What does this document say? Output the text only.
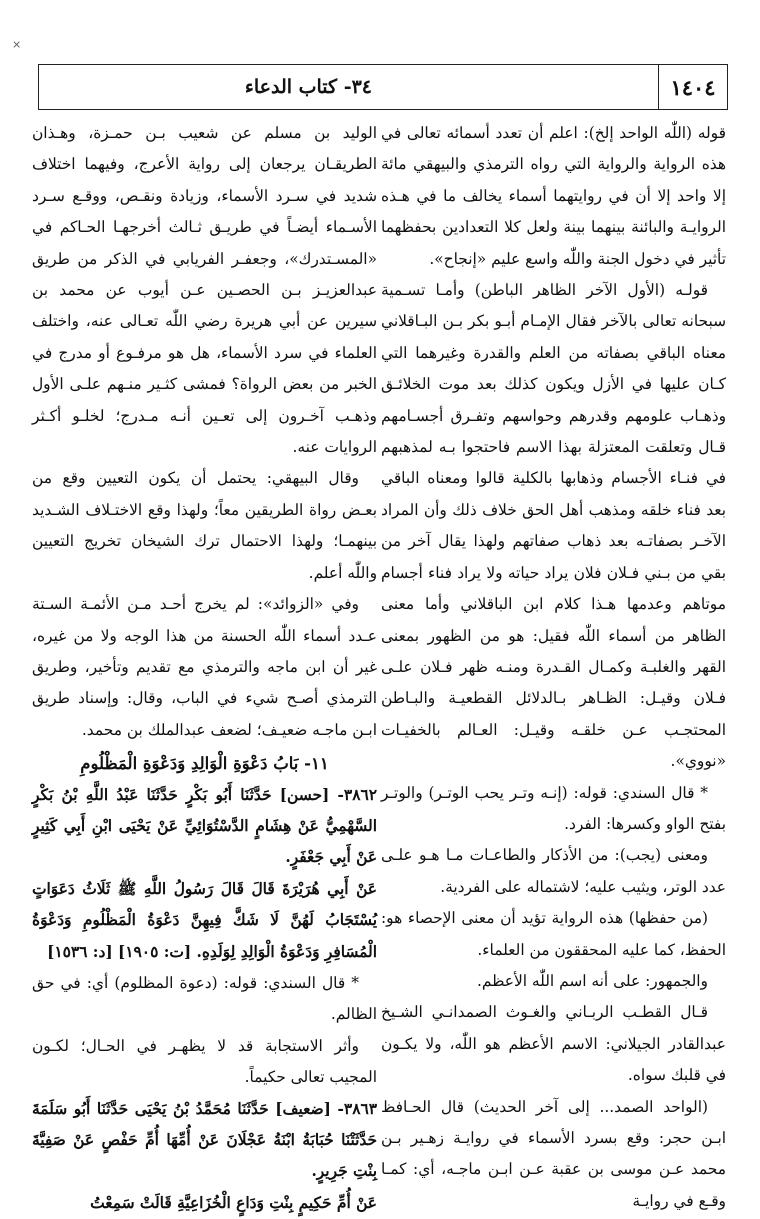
×
١٤٠٤
٣٤- كتاب الدعاء

قوله (اللّٰه الواحد إلخ): اعلم أن تعدد أسمائه تعالى في هذه الرواية والرواية التي رواه الترمذي والبيهقي مائة إلا واحد إلا أن في روايتهما أسماء يخالف ما في هـذه الروايـة والبائنة بينهما بينة ولعل كلا التعدادين بحفظهما تأثير في دخول الجنة واللّٰه واسع عليم «إنجاح».

قولـه (الأول الآخر الظاهر الباطن) وأمـا تسـمية سبحانه تعالى بالآخر فقال الإمـام أبـو بكر بـن البـاقلاني معناه الباقي بصفاته من العلم والقدرة وغيرهما التي كـان عليها في الأزل ويكون كذلك بعد موت الخلائـق وذهـاب علومهم وقدرهم وحواسهم وتفـرق أجسـامهم قـال وتعلقت المعتزلة بهذا الاسم فاحتجوا بـه لمذهبهم في فنـاء الأجسام وذهابها بالكلية قالوا ومعناه الباقي بعد فناء خلقه ومذهب أهل الحق خلاف ذلك وأن المراد الآخـر بصفاتـه بعد ذهاب صفاتهم ولهذا يقال آخر من بقي من بـني فـلان فلان يراد حياته ولا يراد فناء أجسام موتاهم وعدمها هـذا كلام ابن الباقلاني وأما معنى الظاهر من أسماء اللّٰه فقيل: هو من الظهور بمعنى القهر والغلبـة وكمـال القـدرة ومنـه ظهر فـلان علـى فـلان وقيـل: الظـاهر بـالدلائل القطعيـة والبـاطن المحتجـب عـن خلقـه وقيـل: العـالم بالخفيـات «نووي».

* قال السندي: قوله: (إنـه وتـر يحب الوتـر) والوتـر بفتح الواو وكسرها: الفرد.

ومعنى (يجب): من الأذكار والطاعـات مـا هـو علـى عدد الوتر، ويثيب عليه؛ لاشتماله على الفردية.

(من حفظها) هذه الرواية تؤيد أن معنى الإحصاء هو: الحفظ، كما عليه المحققون من العلماء.

والجمهور: على أنه اسم اللّٰه الأعظم.

قـال القطـب الربـاني والغـوث الصمدانـي الشـيخ عبدالقادر الجيلاني: الاسم الأعظم هو اللّٰه، ولا يكـون في قلبك سواه.

(الواحد الصمد... إلى آخر الحديث) قال الحـافظ ابـن حجر: وقع بسرد الأسماء في روايـة زهـير بـن محمد عـن موسى بن عقبة عـن ابـن ماجـه، أي: كمـا وقـع في روايـة

الوليد بن مسلم عن شعيب بـن حمـزة، وهـذان الطريقـان يرجعان إلى رواية الأعرج، وفيهما اختلاف شديد في سـرد الأسماء، وزيادة ونقـص، ووقـع سـرد الأسـماء أيضـاً في طريـق ثـالث أخرجهـا الحـاكم في «المسـتدرك»، وجعفـر الفريابي في الذكر من طريق عبدالعزيـز بـن الحصـين عـن أيوب عن محمد بن سيرين عن أبي هريرة رضي اللّٰه تعـالى عنه، واختلف العلماء في سرد الأسماء، هل هو مرفـوع أو مدرج في الخبر من بعض الرواة؟ فمشى كثـير منـهم علـى الأول وذهـب آخـرون إلى تعـين أنـه مـدرج؛ لخلـو أكـثر الروايات عنه.

وقال البيهقي: يحتمل أن يكون التعيين وقع من بعـض رواة الطريقين معاً؛ ولهذا وقع الاختـلاف الشـديد بينهمـا؛ ولهذا الاحتمال ترك الشيخان تخريج التعيين واللّٰه أعلم.

وفي «الزوائد»: لم يخرج أحـد مـن الأئمـة السـتة عـدد أسماء اللّٰه الحسنة من هذا الوجه ولا من غيره، غير أن ابن ماجه والترمذي مع تقديم وتأخير، وطريق الترمذي أصـح شيء في الباب، وقال: وإسناد طريق ابـن ماجـه ضعيـف؛ لضعف عبدالملك بن محمد.

١١- بَابُ دَعْوَةِ الْوَالِدِ وَدَعْوَةِ الْمَظْلُومِ

٣٨٦٢- [حسن] حَدَّثَنَا أَبُو بَكْرٍ حَدَّثَنَا عَبْدُ اللَّهِ بْنُ بَكْرٍ السَّهْمِيُّ عَنْ هِشَامٍ الدَّسْتُوَائِيِّ عَنْ يَحْيَى ابْنِ أَبِي كَثِيرٍ عَنْ أَبِي جَعْفَرٍ.

عَنْ أَبِي هُرَيْرَةَ قَالَ قَالَ رَسُولُ اللَّهِ ﷺ ثَلَاثُ دَعَوَاتٍ يُسْتَجَابُ لَهُنَّ لَا شَكَّ فِيهِنَّ دَعْوَةُ الْمَظْلُومِ وَدَعْوَةُ الْمُسَافِرِ وَدَعْوَةُ الْوَالِدِ لِوَلَدِهِ. [ت: ١٩٠٥] [د: ١٥٣٦]

* قال السندي: قوله: (دعوة المظلوم) أي: في حق الظالم.

وأثر الاستجابة قد لا يظهـر في الحـال؛ لكـون المجيب تعالى حكيماً.

٣٨٦٣- [ضعيف] حَدَّثَنَا مُحَمَّدُ بْنُ يَحْيَى حَدَّثَنَا أَبُو سَلَمَةَ حَدَّثَتْنَا حُبَابَةُ ابْنَةُ عَجْلَانَ عَنْ أُمِّهَا أُمِّ حَفْصٍ عَنْ صَفِيَّةَ بِنْتِ جَرِيرٍ.

عَنْ أُمِّ حَكِيمٍ بِنْتِ وَدَاعٍ الْخُزَاعِيَّةِ قَالَتْ سَمِعْتُ
